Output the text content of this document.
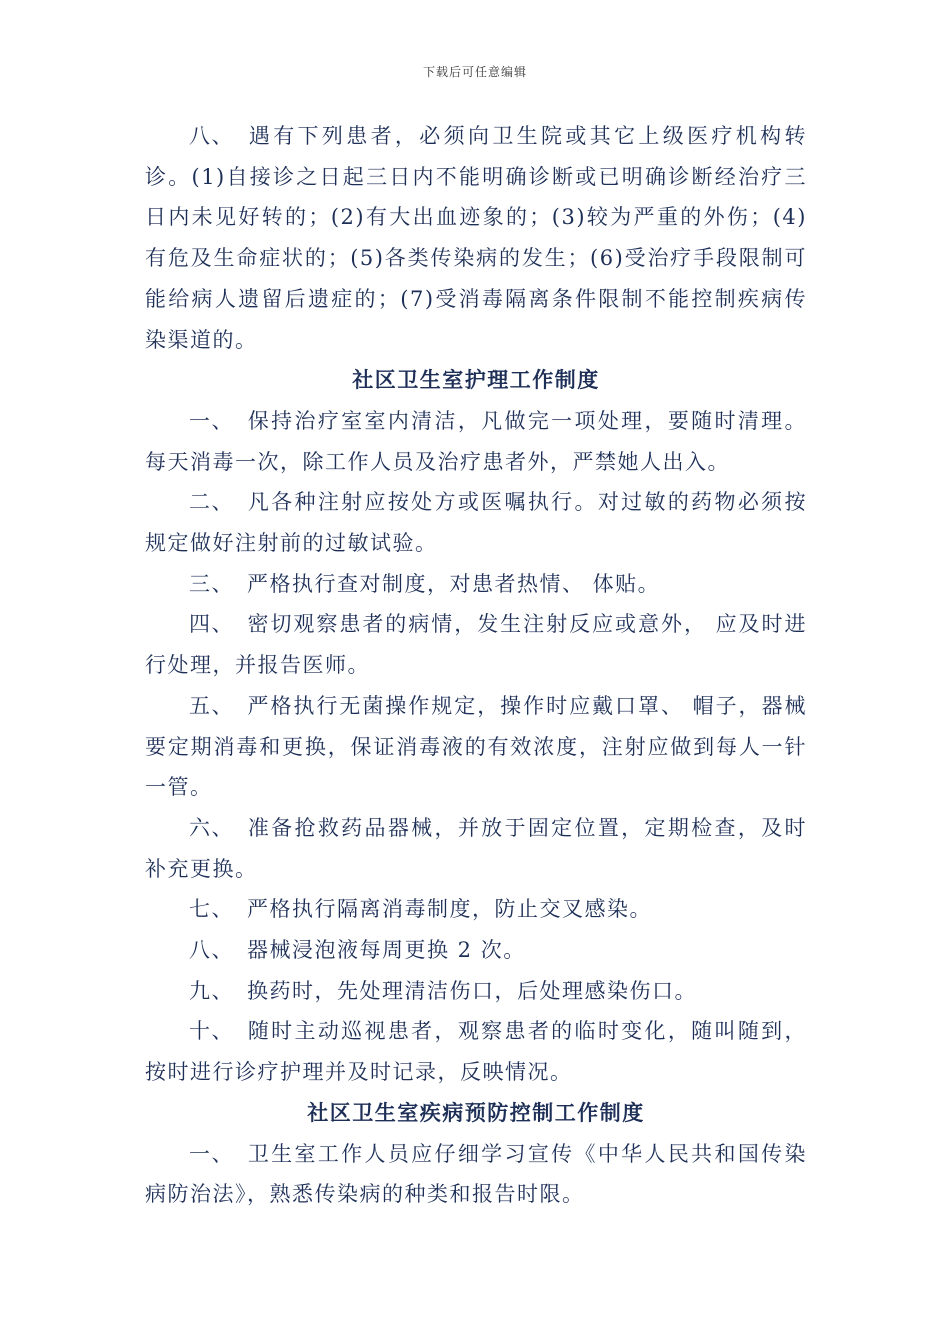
下载后可任意编辑

八、 遇有下列患者，必须向卫生院或其它上级医疗机构转诊。(1)自接诊之日起三日内不能明确诊断或已明确诊断经治疗三日内未见好转的；(2)有大出血迹象的；(3)较为严重的外伤；(4)有危及生命症状的；(5)各类传染病的发生；(6)受治疗手段限制可能给病人遗留后遗症的；(7)受消毒隔离条件限制不能控制疾病传染渠道的。

社区卫生室护理工作制度

一、 保持治疗室室内清洁，凡做完一项处理，要随时清理。每天消毒一次，除工作人员及治疗患者外，严禁她人出入。

二、 凡各种注射应按处方或医嘱执行。对过敏的药物必须按规定做好注射前的过敏试验。

三、 严格执行查对制度，对患者热情、 体贴。

四、 密切观察患者的病情，发生注射反应或意外， 应及时进行处理，并报告医师。

五、 严格执行无菌操作规定，操作时应戴口罩、 帽子，器械要定期消毒和更换，保证消毒液的有效浓度，注射应做到每人一针一管。

六、 准备抢救药品器械，并放于固定位置，定期检查，及时补充更换。

七、 严格执行隔离消毒制度，防止交叉感染。

八、 器械浸泡液每周更换 2 次。

九、 换药时，先处理清洁伤口，后处理感染伤口。

十、 随时主动巡视患者，观察患者的临时变化，随叫随到，按时进行诊疗护理并及时记录，反映情况。

社区卫生室疾病预防控制工作制度

一、 卫生室工作人员应仔细学习宣传《中华人民共和国传染病防治法》，熟悉传染病的种类和报告时限。
